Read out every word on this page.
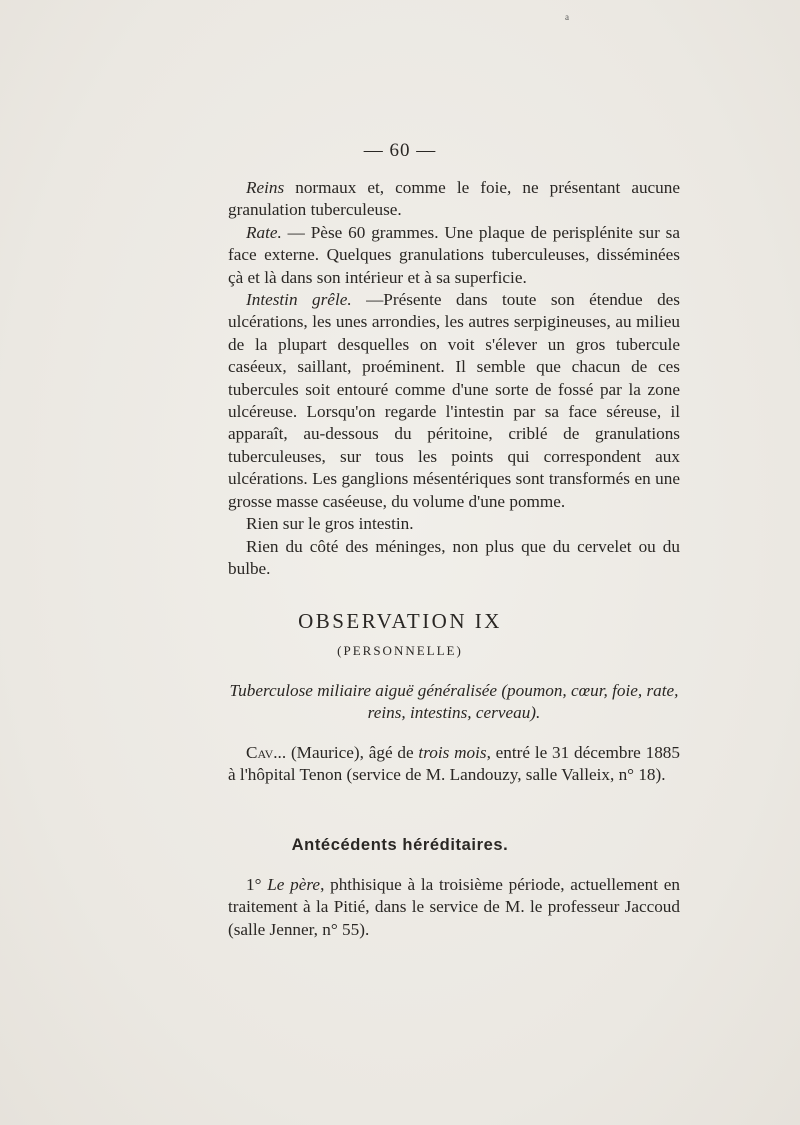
a
— 60 —

Reins normaux et, comme le foie, ne présentant aucune granulation tuberculeuse.

Rate. — Pèse 60 grammes. Une plaque de perisplénite sur sa face externe. Quelques granulations tuberculeuses, disséminées çà et là dans son intérieur et à sa superficie.

Intestin grêle. —Présente dans toute son étendue des ulcérations, les unes arrondies, les autres serpigineuses, au milieu de la plupart desquelles on voit s'élever un gros tubercule caséeux, saillant, proéminent. Il semble que chacun de ces tubercules soit entouré comme d'une sorte de fossé par la zone ulcéreuse. Lorsqu'on regarde l'intestin par sa face séreuse, il apparaît, au-dessous du péritoine, criblé de granulations tuberculeuses, sur tous les points qui correspondent aux ulcérations. Les ganglions mésentériques sont transformés en une grosse masse caséeuse, du volume d'une pomme.

Rien sur le gros intestin.

Rien du côté des méninges, non plus que du cervelet ou du bulbe.

OBSERVATION IX
(PERSONNELLE)
Tuberculose miliaire aiguë généralisée (poumon, cœur, foie, rate, reins, intestins, cerveau).

Cav... (Maurice), âgé de trois mois, entré le 31 décembre 1885 à l'hôpital Tenon (service de M. Landouzy, salle Valleix, n° 18).

Antécédents héréditaires.

1° Le père, phthisique à la troisième période, actuellement en traitement à la Pitié, dans le service de M. le professeur Jaccoud (salle Jenner, n° 55).
